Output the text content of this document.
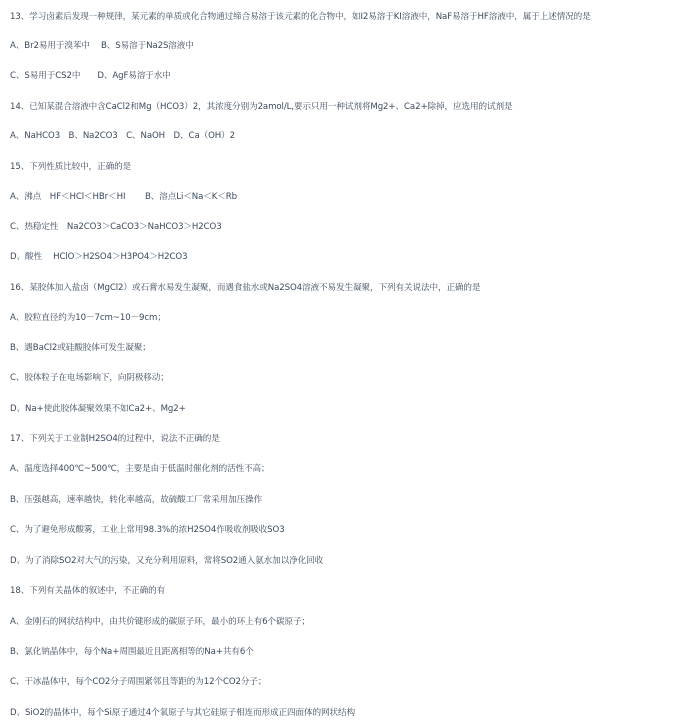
13、学习卤素后发现一种规律，某元素的单质或化合物通过缔合易溶于该元素的化合物中，如I2易溶于KI溶液中，NaF易溶于HF溶液中，属于上述情况的是
A、Br2易用于溴苯中　 B、S易溶于Na2S溶液中
C、S易用于CS2中　　D、AgF易溶于水中
14、已知某混合溶液中含CaCl2和Mg（HCO3）2，其浓度分别为2amol/L,要示只用一种试剂将Mg2+、Ca2+除掉，应选用的试剂是
A、NaHCO3　B、Na2CO3　C、NaOH　D、Ca（OH）2
15、下列性质比较中，正确的是
A、沸点　HF＜HCl＜HBr＜HI　　 B、溶点Li＜Na＜K＜Rb
C、热稳定性　Na2CO3＞CaCO3＞NaHCO3＞H2CO3
D、酸性　 HClO＞H2SO4＞H3PO4＞H2CO3
16、某胶体加入盐卤（MgCl2）或石膏水易发生凝聚，而遇食盐水或Na2SO4溶液不易发生凝聚，下列有关说法中，正确的是
A、胶粒直径约为10－7cm~10－9cm；
B、遇BaCl2或硅酸胶体可发生凝聚；
C、胶体粒子在电场影响下，向阴极移动；
D、Na+使此胶体凝聚效果不如Ca2+、Mg2+
17、下列关于工业制H2SO4的过程中，说法不正确的是
A、温度选择400℃~500℃，主要是由于低温时催化剂的活性不高；
B、压强越高，速率越快，转化率越高，故硫酸工厂常采用加压操作
C、为了避免形成酸雾，工业上常用98.3%的浓H2SO4作吸收剂吸收SO3
D、为了消除SO2对大气的污染，又充分利用原料，常将SO2通入氨水加以净化回收
18、下列有关晶体的叙述中，不正确的有
A、金刚石的网状结构中，由共价键形成的碳原子环，最小的环上有6个碳原子；
B、氯化钠晶体中，每个Na+周围最近且距离相等的Na+共有6个
C、干冰晶体中，每个CO2分子周围紧邻且等距的为12个CO2分子；
D、SiO2的晶体中，每个Si原子通过4个氧原子与其它硅原子相连而形成正四面体的网状结构
